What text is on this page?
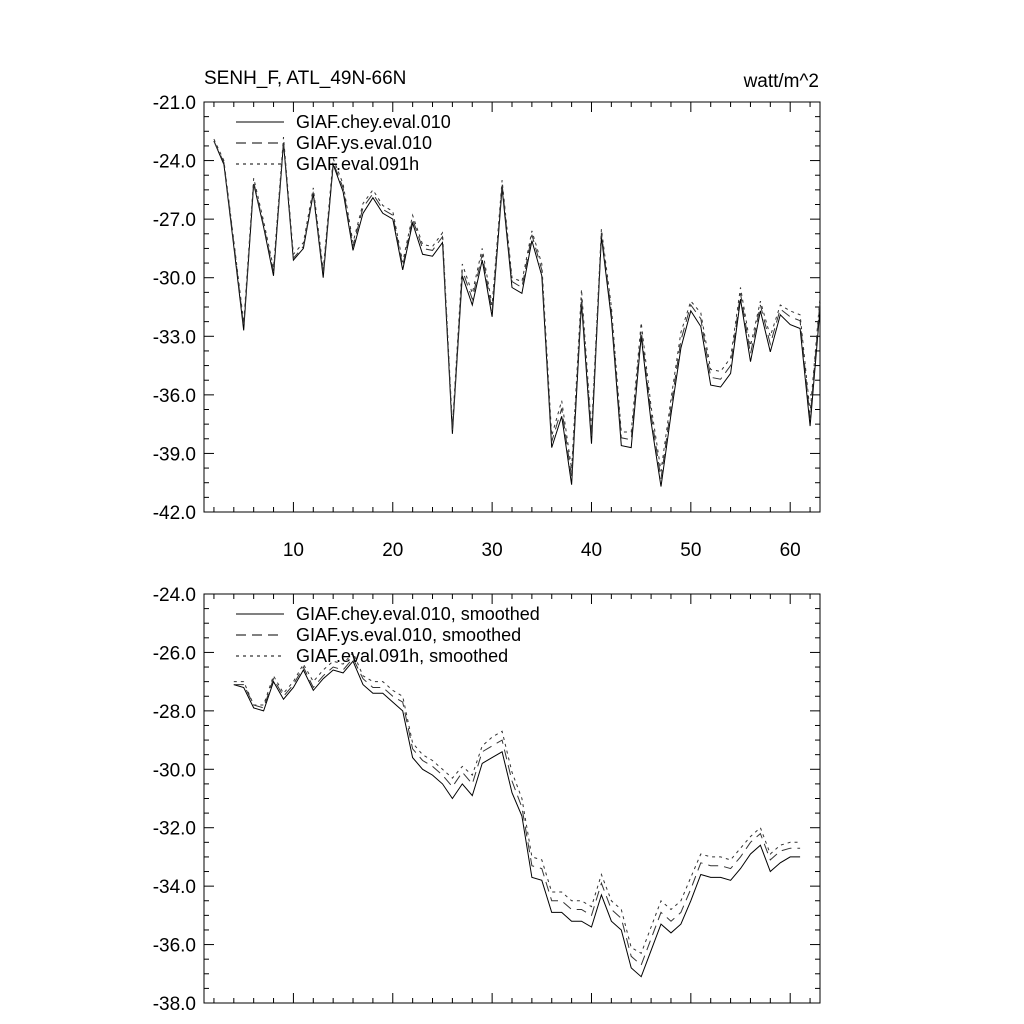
SENH_F, ATL_49N-66N	watt/m^2
-42.0
-39.0
-36.0
-33.0
-30.0
-27.0
-24.0
-21.0
10	20	30	40	50	60
GIAF.chey.eval.010
GIAF.ys.eval.010
GIAF.eval.091h
-38.0
-36.0
-34.0
-32.0
-30.0
-28.0
-26.0
-24.0
GIAF.chey.eval.010, smoothed
GIAF.ys.eval.010, smoothed
GIAF.eval.091h, smoothed
